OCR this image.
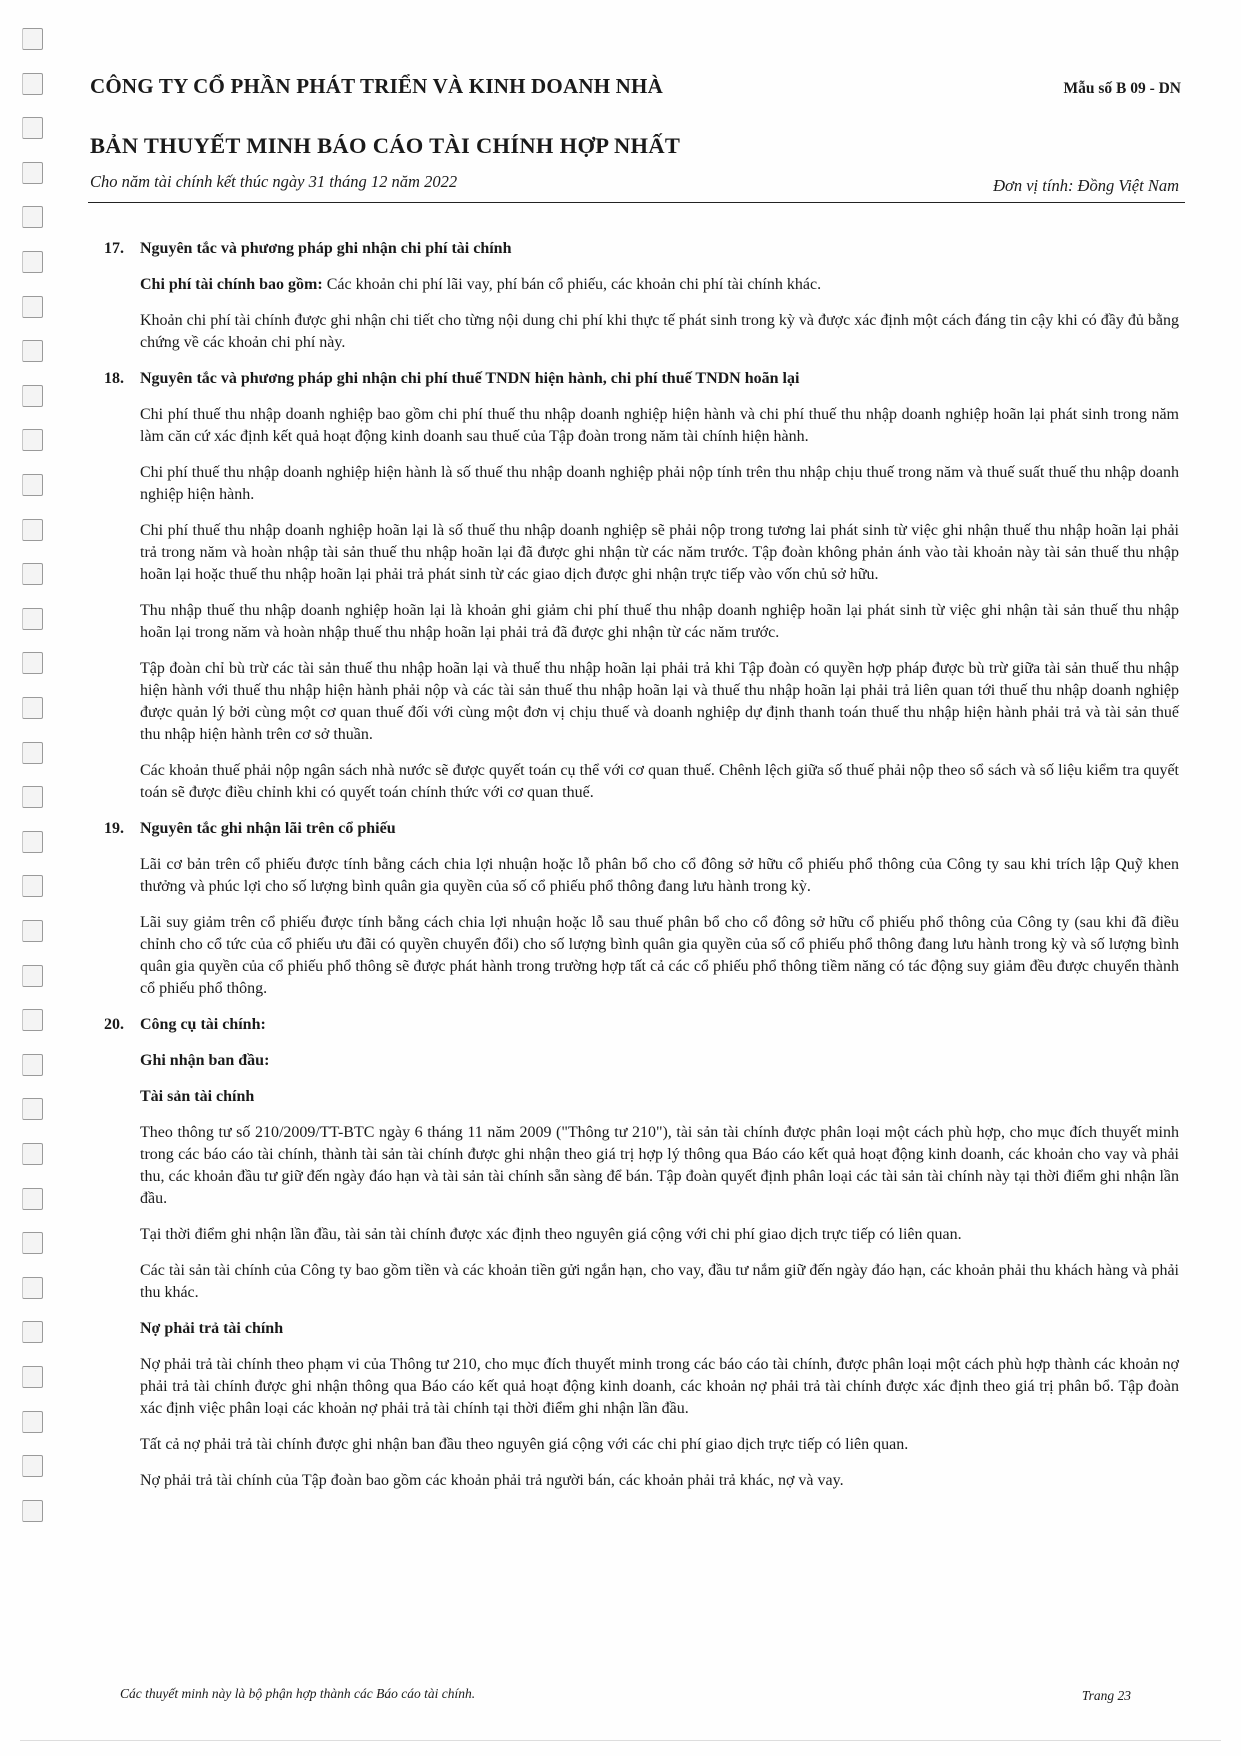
CÔNG TY CỔ PHẦN PHÁT TRIỂN VÀ KINH DOANH NHÀ	Mẫu số B 09 - DN
BẢN THUYẾT MINH BÁO CÁO TÀI CHÍNH HỢP NHẤT
Cho năm tài chính kết thúc ngày 31 tháng 12 năm 2022	Đơn vị tính: Đồng Việt Nam
17.	Nguyên tắc và phương pháp ghi nhận chi phí tài chính

Chi phí tài chính bao gồm: Các khoản chi phí lãi vay, phí bán cổ phiếu, các khoản chi phí tài chính khác.

Khoản chi phí tài chính được ghi nhận chi tiết cho từng nội dung chi phí khi thực tế phát sinh trong kỳ và được xác định một cách đáng tin cậy khi có đầy đủ bằng chứng về các khoản chi phí này.

18.	Nguyên tắc và phương pháp ghi nhận chi phí thuế TNDN hiện hành, chi phí thuế TNDN hoãn lại

Chi phí thuế thu nhập doanh nghiệp bao gồm chi phí thuế thu nhập doanh nghiệp hiện hành và chi phí thuế thu nhập doanh nghiệp hoãn lại phát sinh trong năm làm căn cứ xác định kết quả hoạt động kinh doanh sau thuế của Tập đoàn trong năm tài chính hiện hành.

Chi phí thuế thu nhập doanh nghiệp hiện hành là số thuế thu nhập doanh nghiệp phải nộp tính trên thu nhập chịu thuế trong năm và thuế suất thuế thu nhập doanh nghiệp hiện hành.

Chi phí thuế thu nhập doanh nghiệp hoãn lại là số thuế thu nhập doanh nghiệp sẽ phải nộp trong tương lai phát sinh từ việc ghi nhận thuế thu nhập hoãn lại phải trả trong năm và hoàn nhập tài sản thuế thu nhập hoãn lại đã được ghi nhận từ các năm trước. Tập đoàn không phản ánh vào tài khoản này tài sản thuế thu nhập hoãn lại hoặc thuế thu nhập hoãn lại phải trả phát sinh từ các giao dịch được ghi nhận trực tiếp vào vốn chủ sở hữu.

Thu nhập thuế thu nhập doanh nghiệp hoãn lại là khoản ghi giảm chi phí thuế thu nhập doanh nghiệp hoãn lại phát sinh từ việc ghi nhận tài sản thuế thu nhập hoãn lại trong năm và hoàn nhập thuế thu nhập hoãn lại phải trả đã được ghi nhận từ các năm trước.

Tập đoàn chỉ bù trừ các tài sản thuế thu nhập hoãn lại và thuế thu nhập hoãn lại phải trả khi Tập đoàn có quyền hợp pháp được bù trừ giữa tài sản thuế thu nhập hiện hành với thuế thu nhập hiện hành phải nộp và các tài sản thuế thu nhập hoãn lại và thuế thu nhập hoãn lại phải trả liên quan tới thuế thu nhập doanh nghiệp được quản lý bởi cùng một cơ quan thuế đối với cùng một đơn vị chịu thuế và doanh nghiệp dự định thanh toán thuế thu nhập hiện hành phải trả và tài sản thuế thu nhập hiện hành trên cơ sở thuần.

Các khoản thuế phải nộp ngân sách nhà nước sẽ được quyết toán cụ thể với cơ quan thuế. Chênh lệch giữa số thuế phải nộp theo sổ sách và số liệu kiểm tra quyết toán sẽ được điều chỉnh khi có quyết toán chính thức với cơ quan thuế.

19.	Nguyên tắc ghi nhận lãi trên cổ phiếu

Lãi cơ bản trên cổ phiếu được tính bằng cách chia lợi nhuận hoặc lỗ phân bổ cho cổ đông sở hữu cổ phiếu phổ thông của Công ty sau khi trích lập Quỹ khen thưởng và phúc lợi cho số lượng bình quân gia quyền của số cổ phiếu phổ thông đang lưu hành trong kỳ.

Lãi suy giảm trên cổ phiếu được tính bằng cách chia lợi nhuận hoặc lỗ sau thuế phân bổ cho cổ đông sở hữu cổ phiếu phổ thông của Công ty (sau khi đã điều chỉnh cho cổ tức của cổ phiếu ưu đãi có quyền chuyển đổi) cho số lượng bình quân gia quyền của số cổ phiếu phổ thông đang lưu hành trong kỳ và số lượng bình quân gia quyền của cổ phiếu phổ thông sẽ được phát hành trong trường hợp tất cả các cổ phiếu phổ thông tiềm năng có tác động suy giảm đều được chuyển thành cổ phiếu phổ thông.

20.	Công cụ tài chính:
Ghi nhận ban đầu:
Tài sản tài chính

Theo thông tư số 210/2009/TT-BTC ngày 6 tháng 11 năm 2009 ("Thông tư 210"), tài sản tài chính được phân loại một cách phù hợp, cho mục đích thuyết minh trong các báo cáo tài chính, thành tài sản tài chính được ghi nhận theo giá trị hợp lý thông qua Báo cáo kết quả hoạt động kinh doanh, các khoản cho vay và phải thu, các khoản đầu tư giữ đến ngày đáo hạn và tài sản tài chính sẵn sàng để bán. Tập đoàn quyết định phân loại các tài sản tài chính này tại thời điểm ghi nhận lần đầu.

Tại thời điểm ghi nhận lần đầu, tài sản tài chính được xác định theo nguyên giá cộng với chi phí giao dịch trực tiếp có liên quan.

Các tài sản tài chính của Công ty bao gồm tiền và các khoản tiền gửi ngắn hạn, cho vay, đầu tư nắm giữ đến ngày đáo hạn, các khoản phải thu khách hàng và phải thu khác.

Nợ phải trả tài chính

Nợ phải trả tài chính theo phạm vi của Thông tư 210, cho mục đích thuyết minh trong các báo cáo tài chính, được phân loại một cách phù hợp thành các khoản nợ phải trả tài chính được ghi nhận thông qua Báo cáo kết quả hoạt động kinh doanh, các khoản nợ phải trả tài chính được xác định theo giá trị phân bổ. Tập đoàn xác định việc phân loại các khoản nợ phải trả tài chính tại thời điểm ghi nhận lần đầu.

Tất cả nợ phải trả tài chính được ghi nhận ban đầu theo nguyên giá cộng với các chi phí giao dịch trực tiếp có liên quan.

Nợ phải trả tài chính của Tập đoàn bao gồm các khoản phải trả người bán, các khoản phải trả khác, nợ và vay.

Các thuyết minh này là bộ phận hợp thành các Báo cáo tài chính.	Trang 23
